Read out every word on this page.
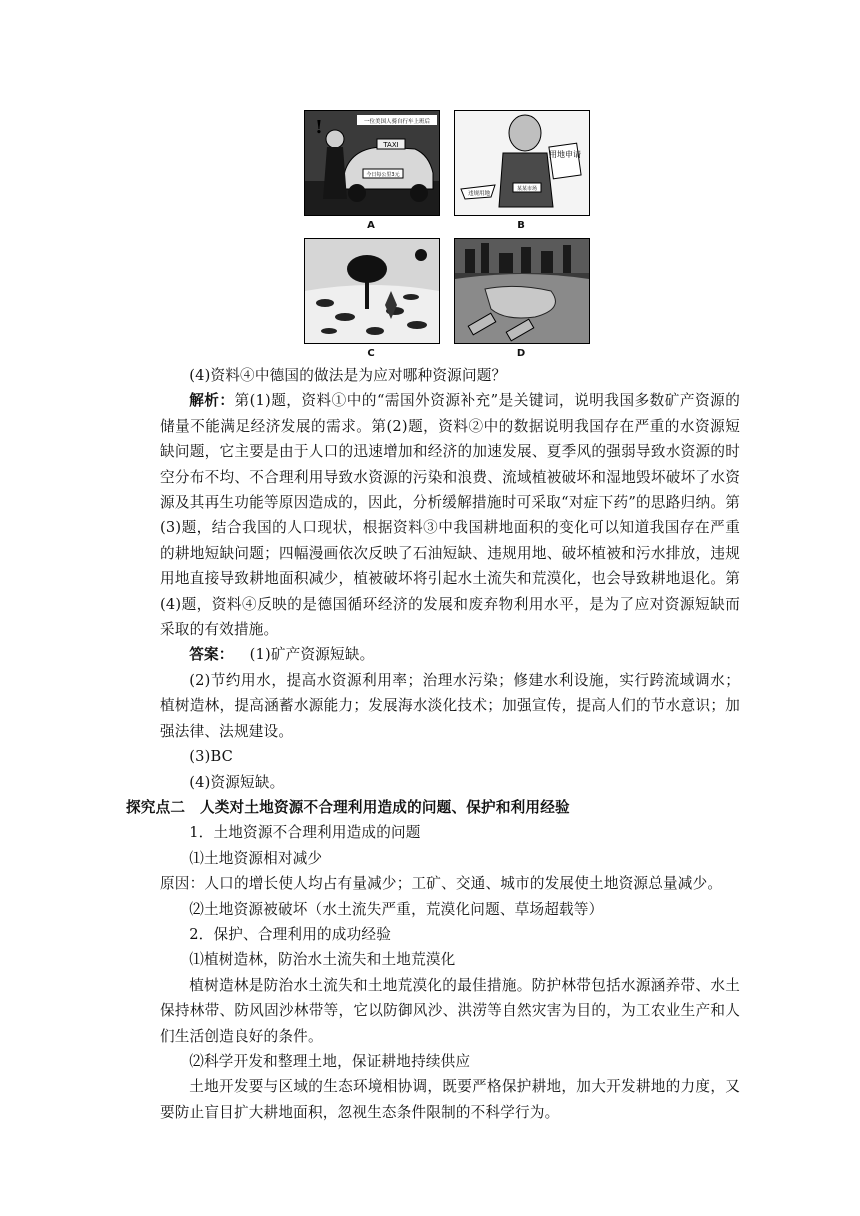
TAXI
今日每公里3元
一位美国人骑自行车上班后
!
A
用地申请
违规用地
某某市场
B
C	D

(4)资料④中德国的做法是为应对哪种资源问题？

解析：第(1)题，资料①中的“需国外资源补充”是关键词，说明我国多数矿产资源的储量不能满足经济发展的需求。第(2)题，资料②中的数据说明我国存在严重的水资源短缺问题，它主要是由于人口的迅速增加和经济的加速发展、夏季风的强弱导致水资源的时空分布不均、不合理利用导致水资源的污染和浪费、流域植被破坏和湿地毁坏破坏了水资源及其再生功能等原因造成的，因此，分析缓解措施时可采取“对症下药”的思路归纳。第(3)题，结合我国的人口现状，根据资料③中我国耕地面积的变化可以知道我国存在严重的耕地短缺问题；四幅漫画依次反映了石油短缺、违规用地、破坏植被和污水排放，违规用地直接导致耕地面积减少，植被破坏将引起水土流失和荒漠化，也会导致耕地退化。第(4)题，资料④反映的是德国循环经济的发展和废弃物利用水平，是为了应对资源短缺而采取的有效措施。

答案： (1)矿产资源短缺。

(2)节约用水，提高水资源利用率；治理水污染；修建水利设施，实行跨流域调水；植树造林，提高涵蓄水源能力；发展海水淡化技术；加强宣传，提高人们的节水意识；加强法律、法规建设。

(3)BC

(4)资源短缺。

探究点二　人类对土地资源不合理利用造成的问题、保护和利用经验

1．土地资源不合理利用造成的问题

⑴土地资源相对减少

原因：人口的增长使人均占有量减少；工矿、交通、城市的发展使土地资源总量减少。

⑵土地资源被破坏（水土流失严重，荒漠化问题、草场超载等）

2．保护、合理利用的成功经验

⑴植树造林，防治水土流失和土地荒漠化

植树造林是防治水土流失和土地荒漠化的最佳措施。防护林带包括水源涵养带、水土保持林带、防风固沙林带等，它以防御风沙、洪涝等自然灾害为目的，为工农业生产和人们生活创造良好的条件。

⑵科学开发和整理土地，保证耕地持续供应

土地开发要与区域的生态环境相协调，既要严格保护耕地，加大开发耕地的力度，又要防止盲目扩大耕地面积，忽视生态条件限制的不科学行为。
